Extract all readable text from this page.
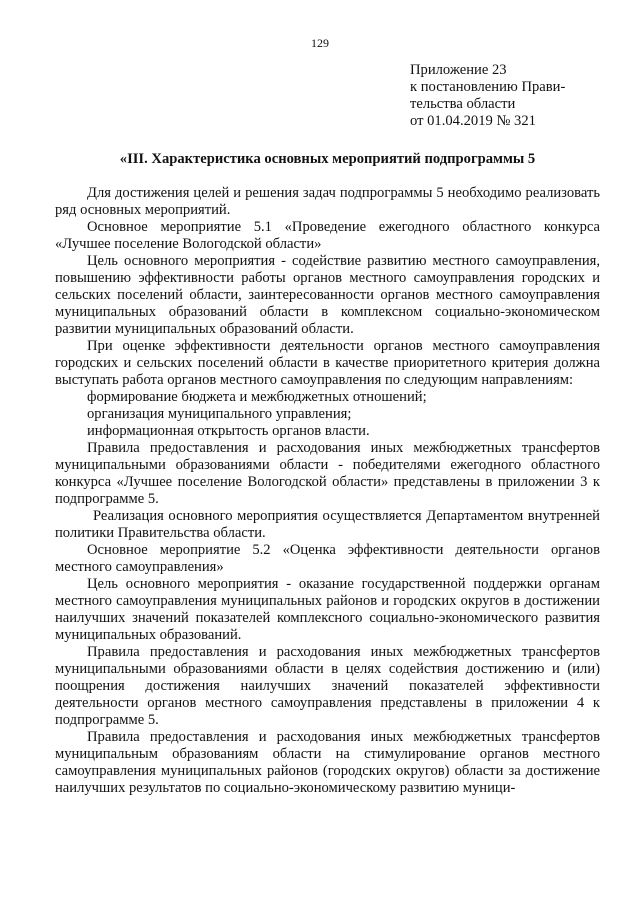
129
Приложение 23
к постановлению Прави-
тельства области
от 01.04.2019 № 321
«III. Характеристика основных мероприятий подпрограммы 5

Для достижения целей и решения задач подпрограммы 5 необходимо реализовать ряд основных мероприятий.

Основное мероприятие 5.1 «Проведение ежегодного областного конкурса «Лучшее поселение Вологодской области»

Цель основного мероприятия - содействие развитию местного самоуправления, повышению эффективности работы органов местного самоуправления городских и сельских поселений области, заинтересованности органов местного самоуправления муниципальных образований области в комплексном социально-экономическом развитии муниципальных образований области.

При оценке эффективности деятельности органов местного самоуправления городских и сельских поселений области в качестве приоритетного критерия должна выступать работа органов местного самоуправления по следующим направлениям:

формирование бюджета и межбюджетных отношений;

организация муниципального управления;

информационная открытость органов власти.

Правила предоставления и расходования иных межбюджетных трансфертов муниципальными образованиями области - победителями ежегодного областного конкурса «Лучшее поселение Вологодской области» представлены в приложении 3 к подпрограмме 5.

Реализация основного мероприятия осуществляется Департаментом внутренней политики Правительства области.

Основное мероприятие 5.2 «Оценка эффективности деятельности органов местного самоуправления»

Цель основного мероприятия - оказание государственной поддержки органам местного самоуправления муниципальных районов и городских округов в достижении наилучших значений показателей комплексного социально-экономического развития муниципальных образований.

Правила предоставления и расходования иных межбюджетных трансфертов муниципальными образованиями области в целях содействия достижению и (или) поощрения достижения наилучших значений показателей эффективности деятельности органов местного самоуправления представлены в приложении 4 к подпрограмме 5.

Правила предоставления и расходования иных межбюджетных трансфертов муниципальным образованиям области на стимулирование органов местного самоуправления муниципальных районов (городских округов) области за достижение наилучших результатов по социально-экономическому развитию муници-
